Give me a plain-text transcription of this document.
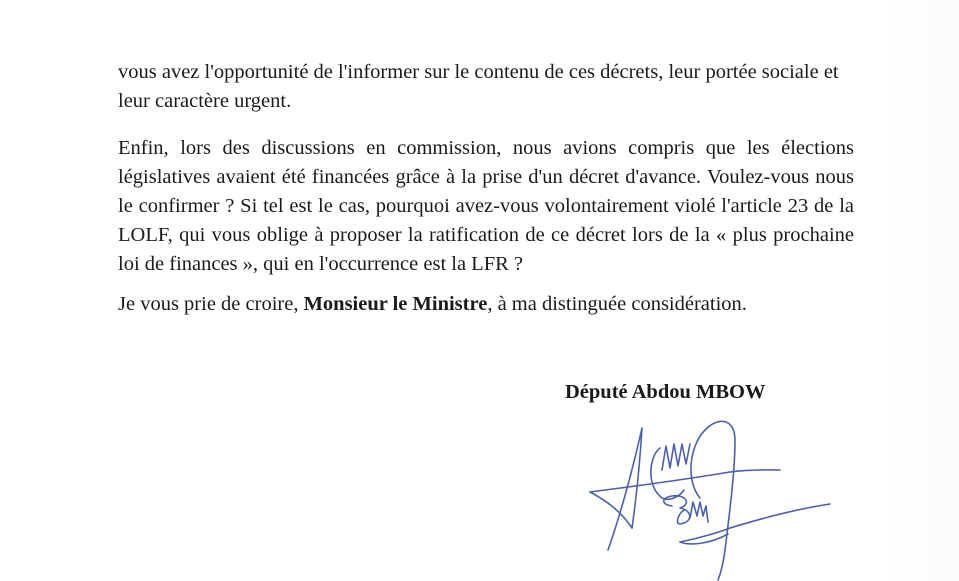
vous avez l'opportunité de l'informer sur le contenu de ces décrets, leur portée sociale et leur caractère urgent.

Enfin, lors des discussions en commission, nous avions compris que les élections législatives avaient été financées grâce à la prise d'un décret d'avance. Voulez-vous nous le confirmer ? Si tel est le cas, pourquoi avez-vous volontairement violé l'article 23 de la LOLF, qui vous oblige à proposer la ratification de ce décret lors de la « plus prochaine loi de finances », qui en l'occurrence est la LFR ?

Je vous prie de croire, Monsieur le Ministre, à ma distinguée considération.

Député Abdou MBOW
